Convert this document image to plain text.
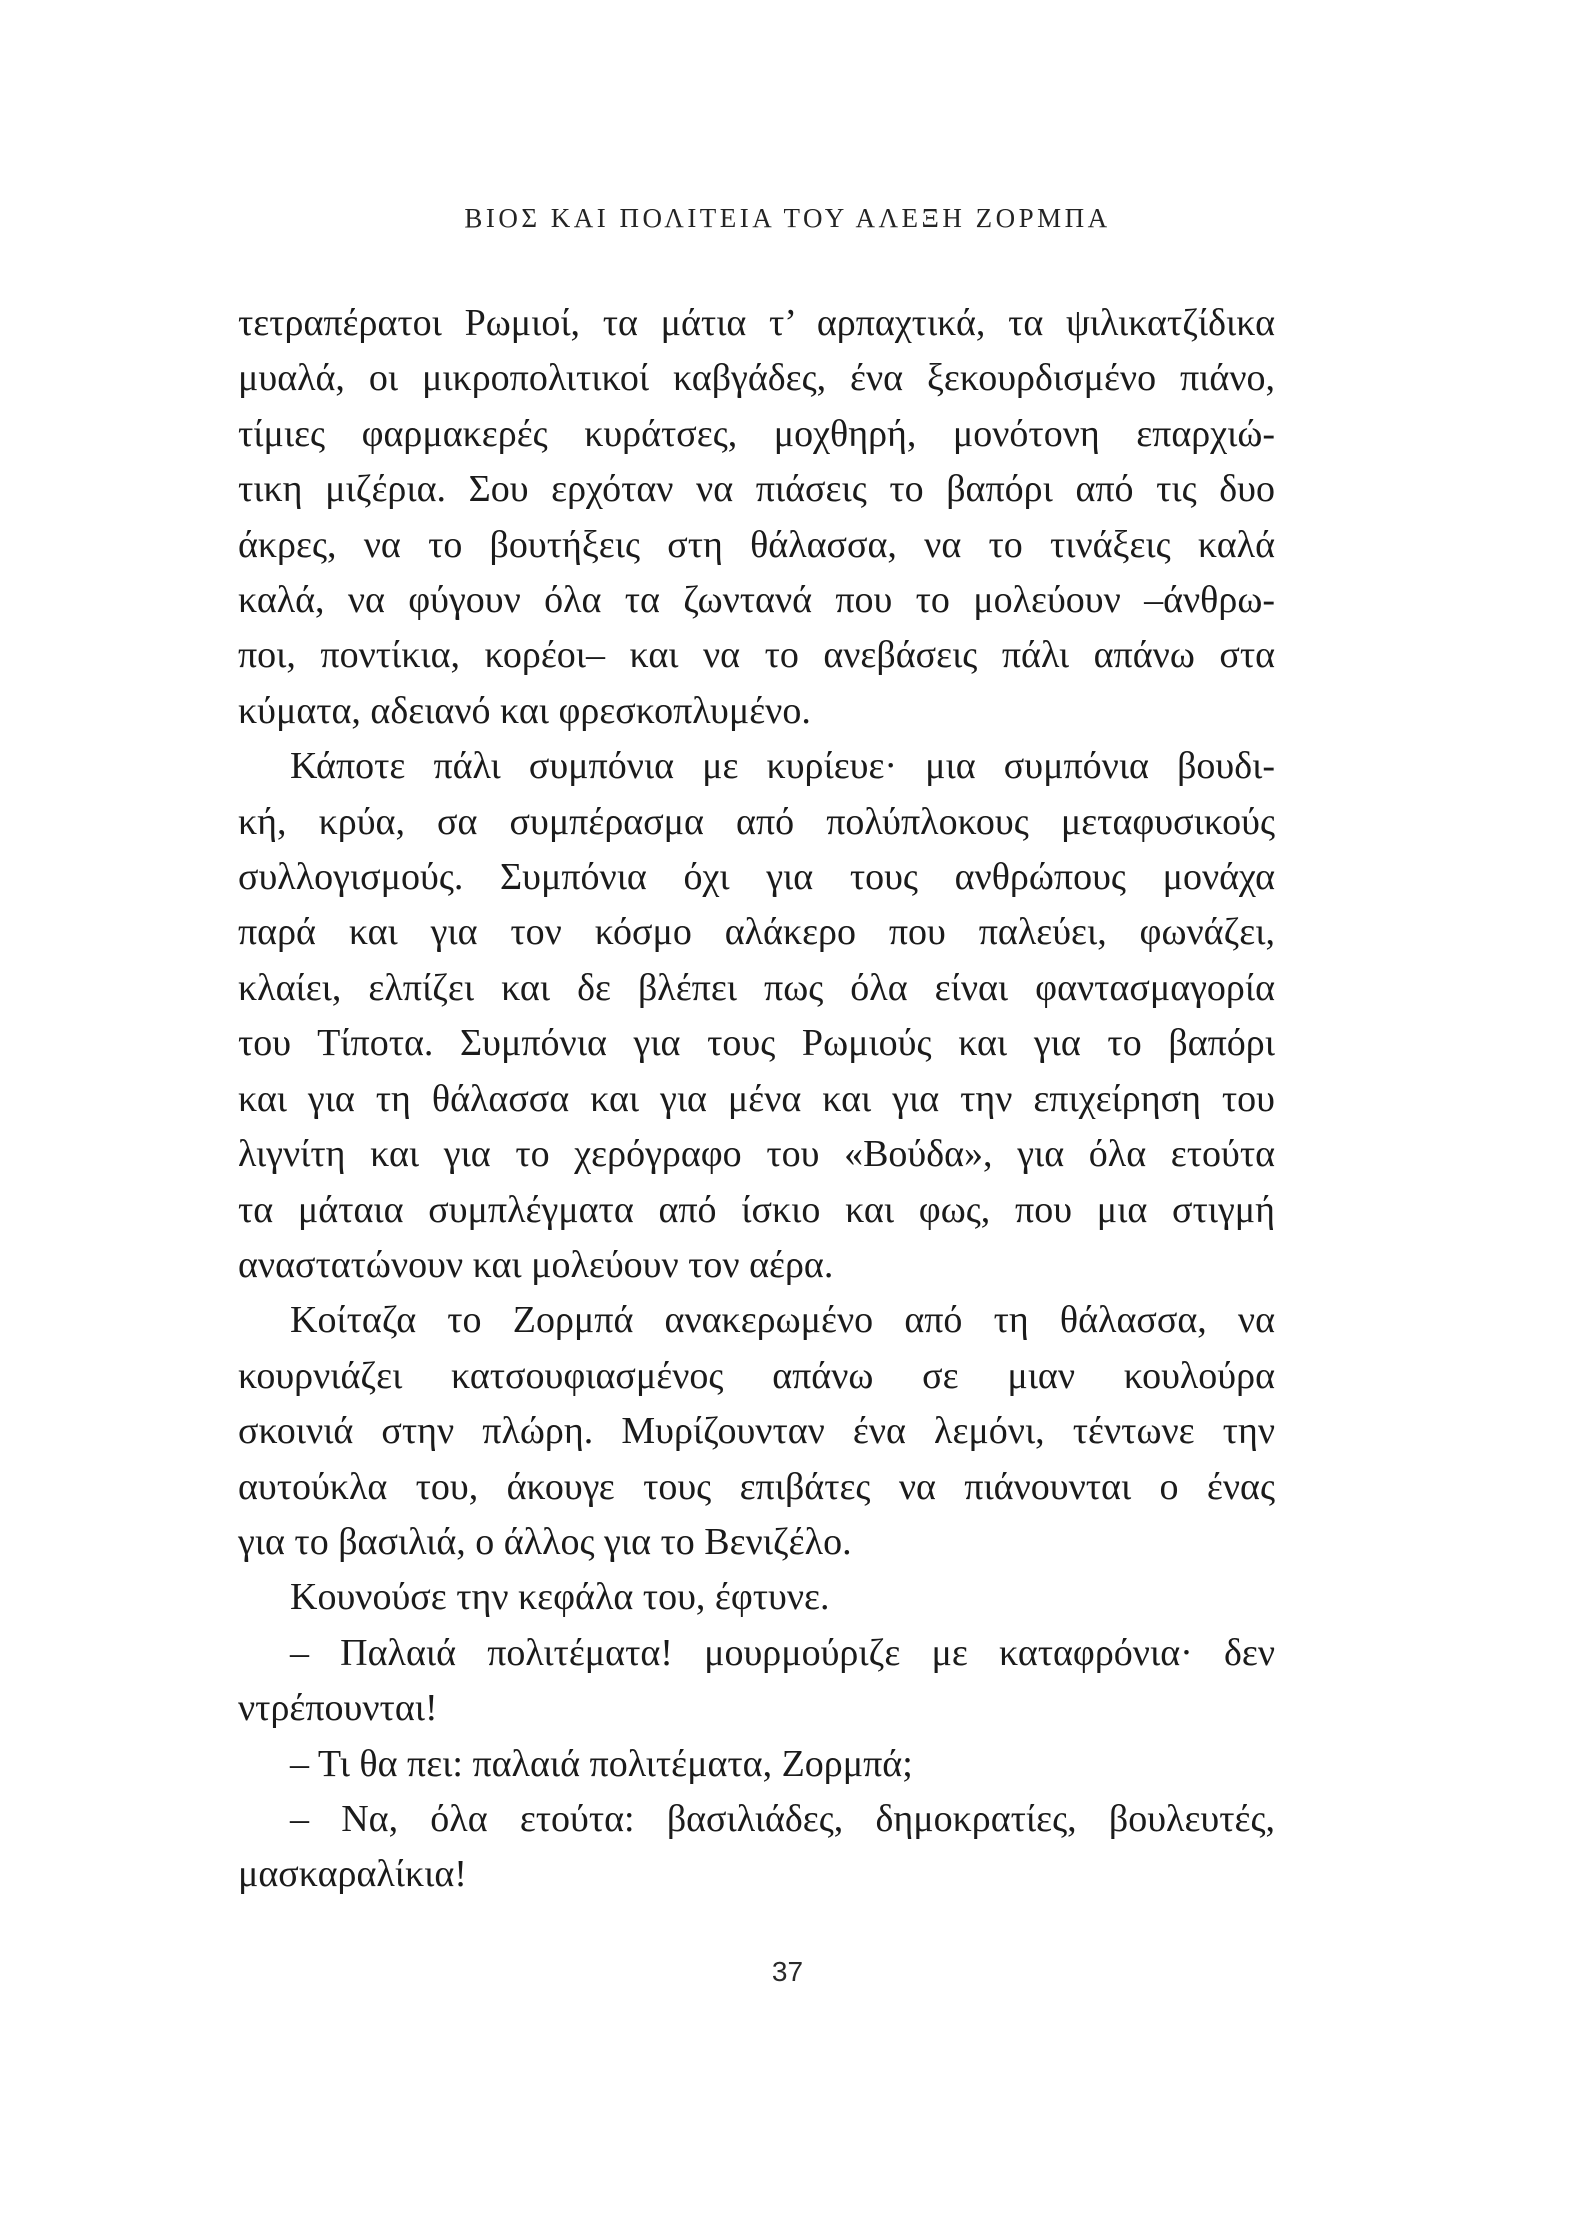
ΒΙΟΣ ΚΑΙ ΠΟΛΙΤΕΙΑ ΤΟΥ ΑΛΕΞΗ ΖΟΡΜΠΑ

τετραπέρατοι Ρωμιοί, τα μάτια τ’ αρπαχτικά, τα ψιλικατζίδικα
μυαλά, οι μικροπολιτικοί καβγάδες, ένα ξεκουρδισμένο πιάνο,
τίμιες φαρμακερές κυράτσες, μοχθηρή, μονότονη επαρχιώ-
τικη μιζέρια. Σου ερχόταν να πιάσεις το βαπόρι από τις δυο
άκρες, να το βουτήξεις στη θάλασσα, να το τινάξεις καλά
καλά, να φύγουν όλα τα ζωντανά που το μολεύουν –άνθρω-
ποι, ποντίκια, κορέοι– και να το ανεβάσεις πάλι απάνω στα
κύματα, αδειανό και φρεσκοπλυμένο.

Κάποτε πάλι συμπόνια με κυρίευε· μια συμπόνια βουδι-
κή, κρύα, σα συμπέρασμα από πολύπλοκους μεταφυσικούς
συλλογισμούς. Συμπόνια όχι για τους ανθρώπους μονάχα
παρά και για τον κόσμο αλάκερο που παλεύει, φωνάζει,
κλαίει, ελπίζει και δε βλέπει πως όλα είναι φαντασμαγορία
του Τίποτα. Συμπόνια για τους Ρωμιούς και για το βαπόρι
και για τη θάλασσα και για μένα και για την επιχείρηση του
λιγνίτη και για το χερόγραφο του «Βούδα», για όλα ετούτα
τα μάταια συμπλέγματα από ίσκιο και φως, που μια στιγμή
αναστατώνουν και μολεύουν τον αέρα.

Κοίταζα το Ζορμπά ανακερωμένο από τη θάλασσα, να
κουρνιάζει κατσουφιασμένος απάνω σε μιαν κουλούρα
σκοινιά στην πλώρη. Μυρίζουνταν ένα λεμόνι, τέντωνε την
αυτούκλα του, άκουγε τους επιβάτες να πιάνουνται ο ένας
για το βασιλιά, ο άλλος για το Βενιζέλο.

Κουνούσε την κεφάλα του, έφτυνε.

– Παλαιά πολιτέματα! μουρμούριζε με καταφρόνια· δεν
ντρέπουνται!

– Τι θα πει: παλαιά πολιτέματα, Ζορμπά;

– Να, όλα ετούτα: βασιλιάδες, δημοκρατίες, βουλευτές,
μασκαραλίκια!

37
